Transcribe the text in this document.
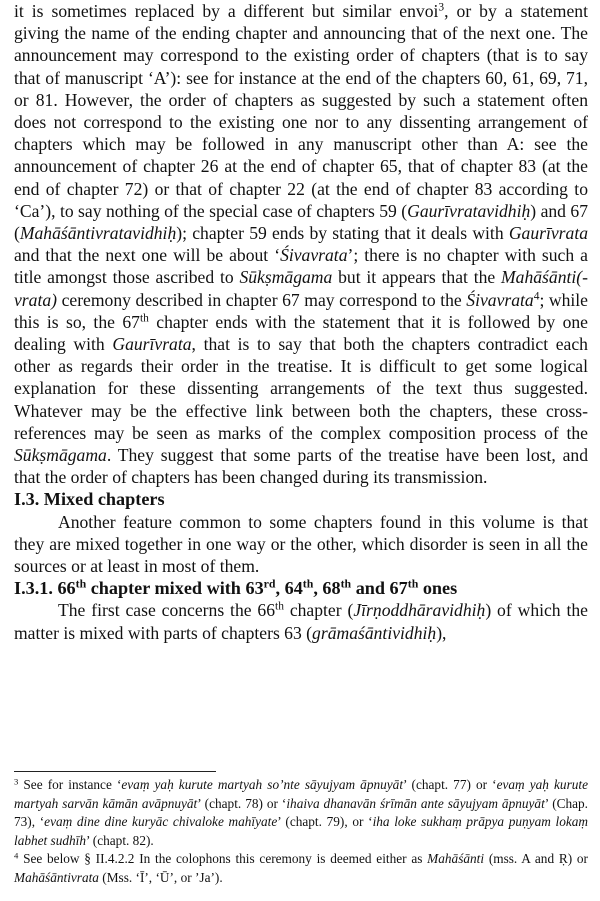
it is sometimes replaced by a different but similar envoi$^3$, or by a statement giving the name of the ending chapter and announcing that of the next one. The announcement may correspond to the existing order of chapters (that is to say that of manuscript ‘A’): see for instance at the end of the chapters 60, 61, 69, 71, or 81. However, the order of chapters as suggested by such a statement often does not correspond to the existing one nor to any dissenting arrangement of chapters which may be followed in any manuscript other than A: see the announcement of chapter 26 at the end of chapter 65, that of chapter 83 (at the end of chapter 72) or that of chapter 22 (at the end of chapter 83 according to ‘Ca’), to say nothing of the special case of chapters 59 (Gaurīvratavidhiḥ) and 67 (Mahāśāntivratavidhiḥ); chapter 59 ends by stating that it deals with Gaurīvrata and that the next one will be about ‘Śivavrata’; there is no chapter with such a title amongst those ascribed to Sūkṣmāgama but it appears that the Mahāśānti(-vrata) ceremony described in chapter 67 may correspond to the Śivavrata$^4$; while this is so, the 67th chapter ends with the statement that it is followed by one dealing with Gaurīvrata, that is to say that both the chapters contradict each other as regards their order in the treatise. It is difficult to get some logical explanation for these dissenting arrangements of the text thus suggested. Whatever may be the effective link between both the chapters, these cross-references may be seen as marks of the complex composition process of the Sūkṣmāgama. They suggest that some parts of the treatise have been lost, and that the order of chapters has been changed during its transmission.

I.3. Mixed chapters

Another feature common to some chapters found in this volume is that they are mixed together in one way or the other, which disorder is seen in all the sources or at least in most of them.

I.3.1. 66th chapter mixed with 63rd, 64th, 68th and 67th ones

The first case concerns the 66th chapter (Jīrṇoddhāravidhiḥ) of which the matter is mixed with parts of chapters 63 (grāmaśāntividhiḥ),

$^3$ See for instance ‘evaṃ yaḥ kurute martyah so’nte sāyujyam āpnuyāt’ (chapt. 77) or ‘evaṃ yaḥ kurute martyah sarvān kāmān avāpnuyāt’ (chapt. 78) or ‘ihaiva dhanavān śrīmān ante sāyujyam āpnuyāt’ (Chap. 73), ‘evaṃ dine dine kuryāc chivaloke mahīyate’ (chapt. 79), or ‘iha loke sukhaṃ prāpya puṇyam lokaṃ labhet sudhīh’ (chapt. 82).

$^4$ See below § II.4.2.2 In the colophons this ceremony is deemed either as Mahāśānti (mss. A and Ṛ) or Mahāśāntivrata (Mss. ‘Ī’, ‘Ū’, or ’Ja’).
